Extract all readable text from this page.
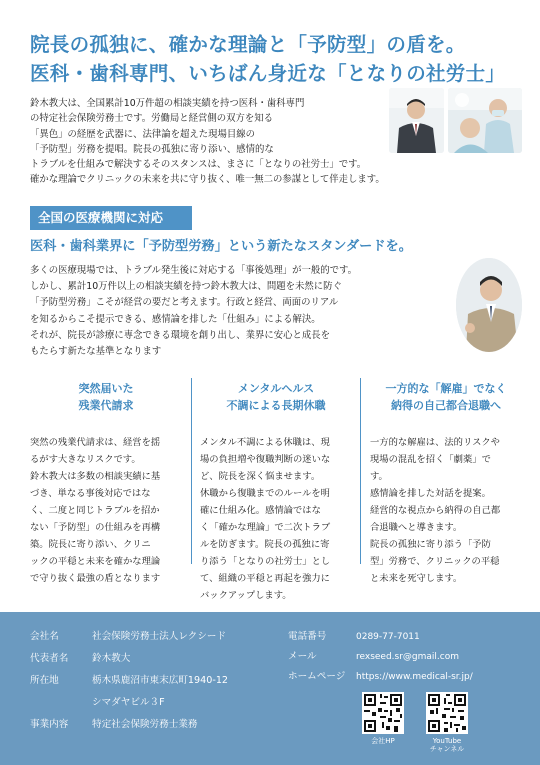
院長の孤独に、確かな理論と「予防型」の盾を。
医科・歯科専門、いちばん身近な「となりの社労士」
鈴木教大は、全国累計10万件超の相談実績を持つ医科・歯科専門
の特定社会保険労務士です。労働局と経営側の双方を知る
「異色」の経歴を武器に、法律論を超えた現場目線の
「予防型」労務を提唱。院長の孤独に寄り添い、感情的な
トラブルを仕組みで解決するそのスタンスは、まさに「となりの社労士」です。
確かな理論でクリニックの未来を共に守り抜く、唯一無二の参謀として伴走します。
全国の医療機関に対応
医科・歯科業界に「予防型労務」という新たなスタンダードを。
多くの医療現場では、トラブル発生後に対応する「事後処理」が一般的です。
しかし、累計10万件以上の相談実績を持つ鈴木教大は、問題を未然に防ぐ
「予防型労務」こそが経営の要だと考えます。行政と経営、両面のリアル
を知るからこそ提示できる、感情論を排した「仕組み」による解決。
それが、院長が診療に専念できる環境を創り出し、業界に安心と成長を
もたらす新たな基準となります
突然届いた
残業代請求
突然の残業代請求は、経営を揺
るがす大きなリスクです。
鈴木教大は多数の相談実績に基
づき、単なる事後対応ではな
く、二度と同じトラブルを招か
ない「予防型」の仕組みを再構
築。院長に寄り添い、クリニ
ックの平穏と未来を確かな理論
で守り抜く最強の盾となります
メンタルヘルス
不調による長期休職
メンタル不調による休職は、現
場の負担増や復職判断の迷いな
ど、院長を深く悩ませます。
休職から復職までのルールを明
確に仕組み化。感情論ではな
く「確かな理論」で二次トラブ
ルを防ぎます。院長の孤独に寄
り添う「となりの社労士」とし
て、組織の平穏と再起を強力に
バックアップします。
一方的な「解雇」でなく
納得の自己都合退職へ
一方的な解雇は、法的リスクや
現場の混乱を招く「劇薬」で
す。
感情論を排した対話を提案。
経営的な視点から納得の自己都
合退職へと導きます。
院長の孤独に寄り添う「予防
型」労務で、クリニックの平穏
と未来を死守します。
会社名	社会保険労務士法人レクシード
代表者名 鈴木教大
所在地	栃木県鹿沼市東末広町1940-12
シマダヤビル３F
事業内容 特定社会保険労務士業務
電話番号	0289-77-7011
メール	rexseed.sr@gmail.com
ホームページ https://www.medical-sr.jp/
会社HP	YouTube
チャンネル
